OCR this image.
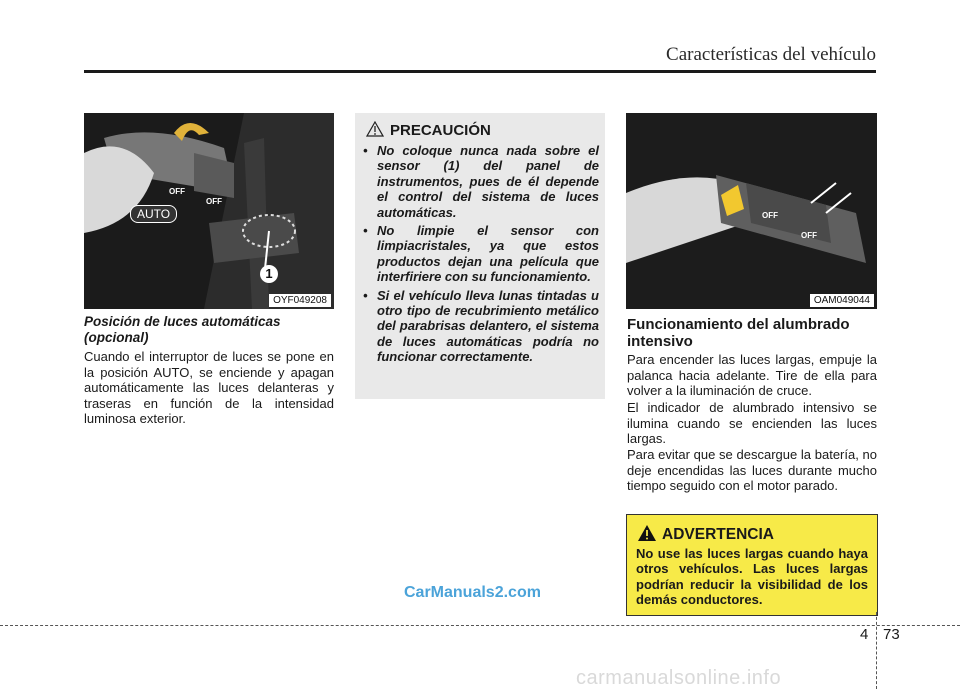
Características del vehículo
AUTO
1
OFF
OFF
OYF049208
Posición de luces automáticas (opcional)
Cuando el interruptor de luces se pone en la posición AUTO, se enciende y apagan automáticamente las luces delanteras y traseras en función de la intensidad luminosa exterior.
PRECAUCIÓN
• No coloque nunca nada sobre el sensor (1) del panel de instrumentos, pues de él depende el control del sistema de luces automáticas.
• No limpie el sensor con limpiacristales, ya que estos productos dejan una película que interfiriere con su funcionamiento.
• Si el vehículo lleva lunas tintadas u otro tipo de recubrimiento metálico del parabrisas delantero, el sistema de luces automáticas podría no funcionar correctamente.
OFF
OFF
OAM049044
Funcionamiento del alumbrado intensivo
Para encender las luces largas, empuje la palanca hacia adelante. Tire de ella para volver a la iluminación de cruce.
El indicador de alumbrado intensivo se ilumina cuando se encienden las luces largas.
Para evitar que se descargue la batería, no deje encendidas las luces durante mucho tiempo seguido con el motor parado.
ADVERTENCIA
No use las luces largas cuando haya otros vehículos. Las luces largas podrían reducir la visibilidad de los demás conductores.
CarManuals2.com
4 73
carmanualsonline.info
